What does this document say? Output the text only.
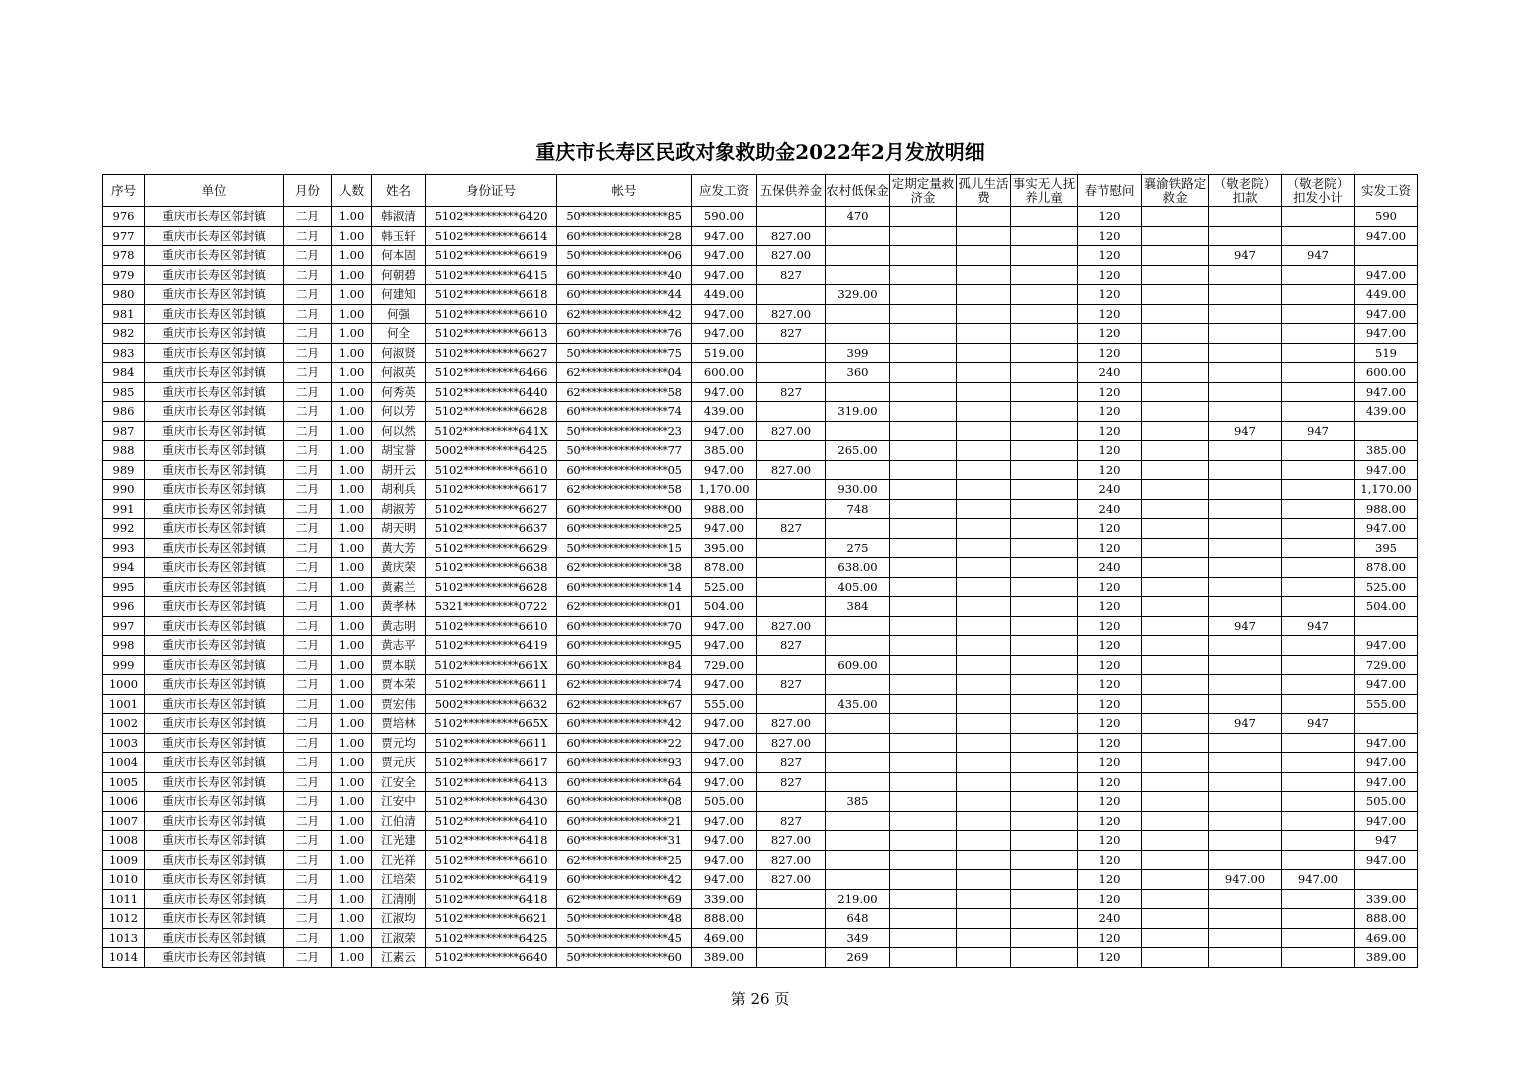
重庆市长寿区民政对象救助金2022年2月发放明细
序号	单位	月份	人数	姓名	身份证号	帐号	应发工资	五保供养金	农村低保金	定期定量救济金	孤儿生活费	事实无人抚养儿童	春节慰问	襄渝铁路定救金	（敬老院）扣款	（敬老院）扣发小计	实发工资
976	重庆市长寿区邻封镇	二月	1.00	韩淑清	5102**********6420	50****************85	590.00		470				120				590
977	重庆市长寿区邻封镇	二月	1.00	韩玉轩	5102**********6614	60****************28	947.00	827.00					120				947.00
978	重庆市长寿区邻封镇	二月	1.00	何本固	5102**********6619	50****************06	947.00	827.00					120		947	947	
979	重庆市长寿区邻封镇	二月	1.00	何朝碧	5102**********6415	60****************40	947.00	827					120				947.00
980	重庆市长寿区邻封镇	二月	1.00	何建知	5102**********6618	60****************44	449.00		329.00				120				449.00
981	重庆市长寿区邻封镇	二月	1.00	何强	5102**********6610	62****************42	947.00	827.00					120				947.00
982	重庆市长寿区邻封镇	二月	1.00	何全	5102**********6613	60****************76	947.00	827					120				947.00
983	重庆市长寿区邻封镇	二月	1.00	何淑贤	5102**********6627	50****************75	519.00		399				120				519
984	重庆市长寿区邻封镇	二月	1.00	何淑英	5102**********6466	62****************04	600.00		360				240				600.00
985	重庆市长寿区邻封镇	二月	1.00	何秀英	5102**********6440	62****************58	947.00	827					120				947.00
986	重庆市长寿区邻封镇	二月	1.00	何以芳	5102**********6628	60****************74	439.00		319.00				120				439.00
987	重庆市长寿区邻封镇	二月	1.00	何以然	5102**********641X	50****************23	947.00	827.00					120		947	947	
988	重庆市长寿区邻封镇	二月	1.00	胡宝誉	5002**********6425	50****************77	385.00		265.00				120				385.00
989	重庆市长寿区邻封镇	二月	1.00	胡开云	5102**********6610	60****************05	947.00	827.00					120				947.00
990	重庆市长寿区邻封镇	二月	1.00	胡利兵	5102**********6617	62****************58	1,170.00		930.00				240				1,170.00
991	重庆市长寿区邻封镇	二月	1.00	胡淑芳	5102**********6627	60****************00	988.00		748				240				988.00
992	重庆市长寿区邻封镇	二月	1.00	胡天明	5102**********6637	60****************25	947.00	827					120				947.00
993	重庆市长寿区邻封镇	二月	1.00	黄大芳	5102**********6629	50****************15	395.00		275				120				395
994	重庆市长寿区邻封镇	二月	1.00	黄庆荣	5102**********6638	62****************38	878.00		638.00				240				878.00
995	重庆市长寿区邻封镇	二月	1.00	黄素兰	5102**********6628	60****************14	525.00		405.00				120				525.00
996	重庆市长寿区邻封镇	二月	1.00	黄孝林	5321**********0722	62****************01	504.00		384				120				504.00
997	重庆市长寿区邻封镇	二月	1.00	黄志明	5102**********6610	60****************70	947.00	827.00					120		947	947	
998	重庆市长寿区邻封镇	二月	1.00	黄志平	5102**********6419	60****************95	947.00	827					120				947.00
999	重庆市长寿区邻封镇	二月	1.00	贾本联	5102**********661X	60****************84	729.00		609.00				120				729.00
1000	重庆市长寿区邻封镇	二月	1.00	贾本荣	5102**********6611	62****************74	947.00	827					120				947.00
1001	重庆市长寿区邻封镇	二月	1.00	贾宏伟	5002**********6632	62****************67	555.00		435.00				120				555.00
1002	重庆市长寿区邻封镇	二月	1.00	贾培林	5102**********665X	60****************42	947.00	827.00					120		947	947	
1003	重庆市长寿区邻封镇	二月	1.00	贾元均	5102**********6611	60****************22	947.00	827.00					120				947.00
1004	重庆市长寿区邻封镇	二月	1.00	贾元庆	5102**********6617	60****************93	947.00	827					120				947.00
1005	重庆市长寿区邻封镇	二月	1.00	江安全	5102**********6413	60****************64	947.00	827					120				947.00
1006	重庆市长寿区邻封镇	二月	1.00	江安中	5102**********6430	60****************08	505.00		385				120				505.00
1007	重庆市长寿区邻封镇	二月	1.00	江伯清	5102**********6410	60****************21	947.00	827					120				947.00
1008	重庆市长寿区邻封镇	二月	1.00	江光建	5102**********6418	60****************31	947.00	827.00					120				947
1009	重庆市长寿区邻封镇	二月	1.00	江光祥	5102**********6610	62****************25	947.00	827.00					120				947.00
1010	重庆市长寿区邻封镇	二月	1.00	江培荣	5102**********6419	60****************42	947.00	827.00					120		947.00	947.00	
1011	重庆市长寿区邻封镇	二月	1.00	江清刚	5102**********6418	62****************69	339.00		219.00				120				339.00
1012	重庆市长寿区邻封镇	二月	1.00	江淑均	5102**********6621	50****************48	888.00		648				240				888.00
1013	重庆市长寿区邻封镇	二月	1.00	江淑荣	5102**********6425	50****************45	469.00		349				120				469.00
1014	重庆市长寿区邻封镇	二月	1.00	江素云	5102**********6640	50****************60	389.00		269				120				389.00
第 26 页
